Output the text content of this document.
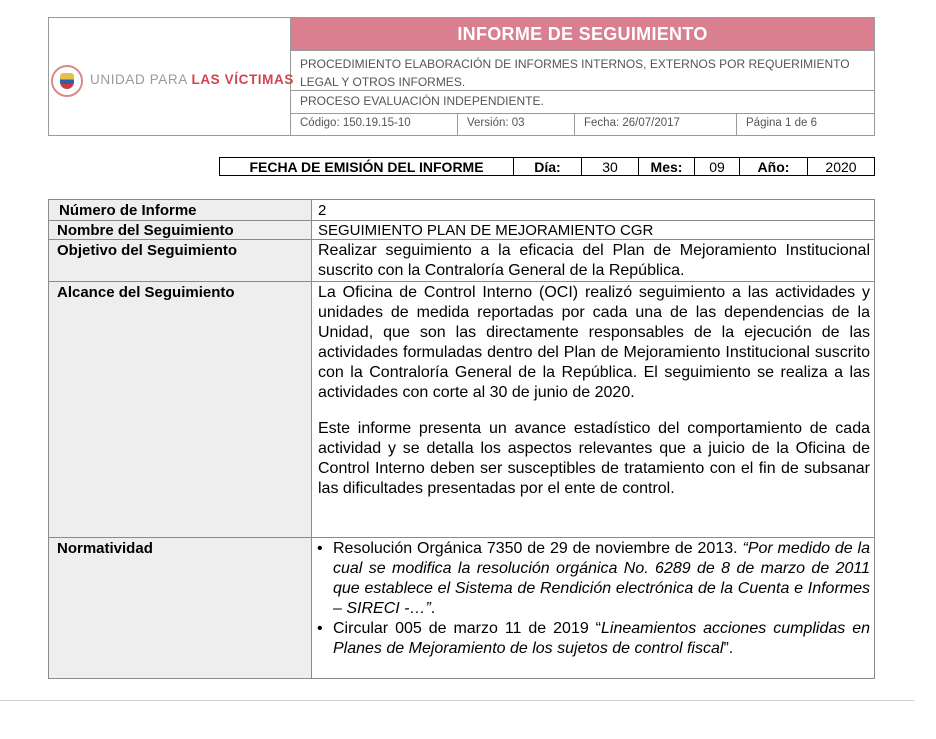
UNIDAD PARA LAS VÍCTIMAS
INFORME DE SEGUIMIENTO
PROCEDIMIENTO ELABORACIÓN DE INFORMES INTERNOS, EXTERNOS POR REQUERIMIENTO LEGAL Y OTROS INFORMES.
PROCESO EVALUACIÓN INDEPENDIENTE.
Código: 150.19.15-10	Versión: 03	Fecha: 26/07/2017	Página 1 de 6
FECHA DE EMISIÓN DEL INFORME	Día:	30	Mes:	09	Año:	2020
Número de Informe	2
Nombre del Seguimiento	SEGUIMIENTO PLAN DE MEJORAMIENTO CGR
Objetivo del Seguimiento	Realizar seguimiento a la eficacia del Plan de Mejoramiento Institucional suscrito con la Contraloría General de la República.
Alcance del Seguimiento	La Oficina de Control Interno (OCI) realizó seguimiento a las actividades y unidades de medida reportadas por cada una de las dependencias de la Unidad, que son las directamente responsables de la ejecución de las actividades formuladas dentro del Plan de Mejoramiento Institucional suscrito con la Contraloría General de la República. El seguimiento se realiza a las actividades con corte al 30 de junio de 2020.

Este informe presenta un avance estadístico del comportamiento de cada actividad y se detalla los aspectos relevantes que a juicio de la Oficina de Control Interno deben ser susceptibles de tratamiento con el fin de subsanar las dificultades presentadas por el ente de control.

Normatividad	• Resolución Orgánica 7350 de 29 de noviembre de 2013. “Por medido de la cual se modifica la resolución orgánica No. 6289 de 8 de marzo de 2011 que establece el Sistema de Rendición electrónica de la Cuenta e Informes – SIRECI -…”.
• Circular 005 de marzo 11 de 2019 “Lineamientos acciones cumplidas en Planes de Mejoramiento de los sujetos de control fiscal”.
